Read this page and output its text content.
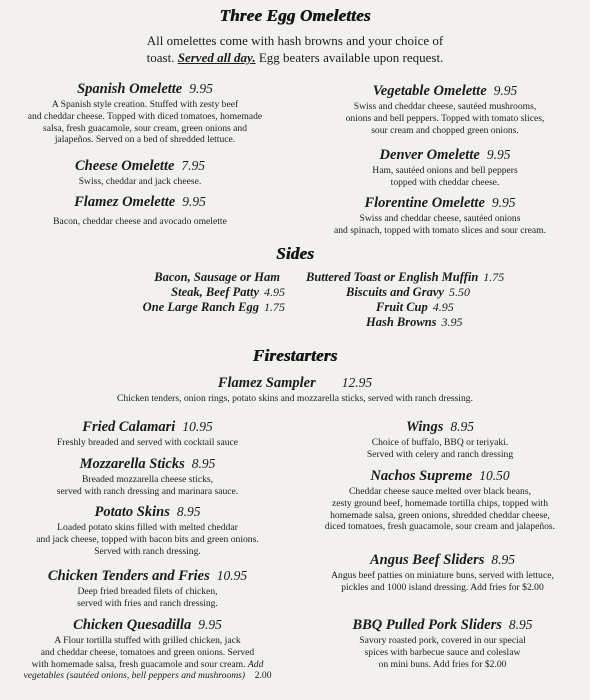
Three Egg Omelettes
All omelettes come with hash browns and your choice of
toast. Served all day. Egg beaters available upon request.
Spanish Omelette 9.95
A Spanish style creation. Stuffed with zesty beef
and cheddar cheese. Topped with diced tomatoes, homemade
salsa, fresh guacamole, sour cream, green onions and
jalapeños. Served on a bed of shredded lettuce.
Cheese Omelette 7.95
Swiss, cheddar and jack cheese.
Flamez Omelette 9.95
Bacon, cheddar cheese and avocado omelette
Vegetable Omelette 9.95
Swiss and cheddar cheese, sautéed mushrooms,
onions and bell peppers. Topped with tomato slices,
sour cream and chopped green onions.
Denver Omelette 9.95
Ham, sautéed onions and bell peppers
topped with cheddar cheese.
Florentine Omelette 9.95
Swiss and cheddar cheese, sautéed onions
and spinach, topped with tomato slices and sour cream.
Sides
Bacon, Sausage or Ham
Steak, Beef Patty 4.95
One Large Ranch Egg 1.75
Buttered Toast or English Muffin 1.75
Biscuits and Gravy 5.50
Fruit Cup 4.95
Hash Browns 3.95
Firestarters
Flamez Sampler 12.95
Chicken tenders, onion rings, potato skins and mozzarella sticks, served with ranch dressing.
Fried Calamari 10.95
Freshly breaded and served with cocktail sauce
Mozzarella Sticks 8.95
Breaded mozzarella cheese sticks,
served with ranch dressing and marinara sauce.
Potato Skins 8.95
Loaded potato skins filled with melted cheddar
and jack cheese, topped with bacon bits and green onions.
Served with ranch dressing.
Chicken Tenders and Fries 10.95
Deep fried breaded filets of chicken,
served with fries and ranch dressing.
Chicken Quesadilla 9.95
A Flour tortilla stuffed with grilled chicken, jack
and cheddar cheese, tomatoes and green onions. Served
with homemade salsa, fresh guacamole and sour cream. Add
vegetables (sautéed onions, bell peppers and mushrooms) 2.00
Wings 8.95
Choice of buffalo, BBQ or teriyaki.
Served with celery and ranch dressing
Nachos Supreme 10.50
Cheddar cheese sauce melted over black beans,
zesty ground beef, homemade tortilla chips, topped with
homemade salsa, green onions, shredded cheddar cheese,
diced tomatoes, fresh guacamole, sour cream and jalapeños.
Angus Beef Sliders 8.95
Angus beef patties on miniature buns, served with lettuce,
pickles and 1000 island dressing. Add fries for $2.00
BBQ Pulled Pork Sliders 8.95
Savory roasted pork, covered in our special
spices with barbecue sauce and coleslaw
on mini buns. Add fries for $2.00
